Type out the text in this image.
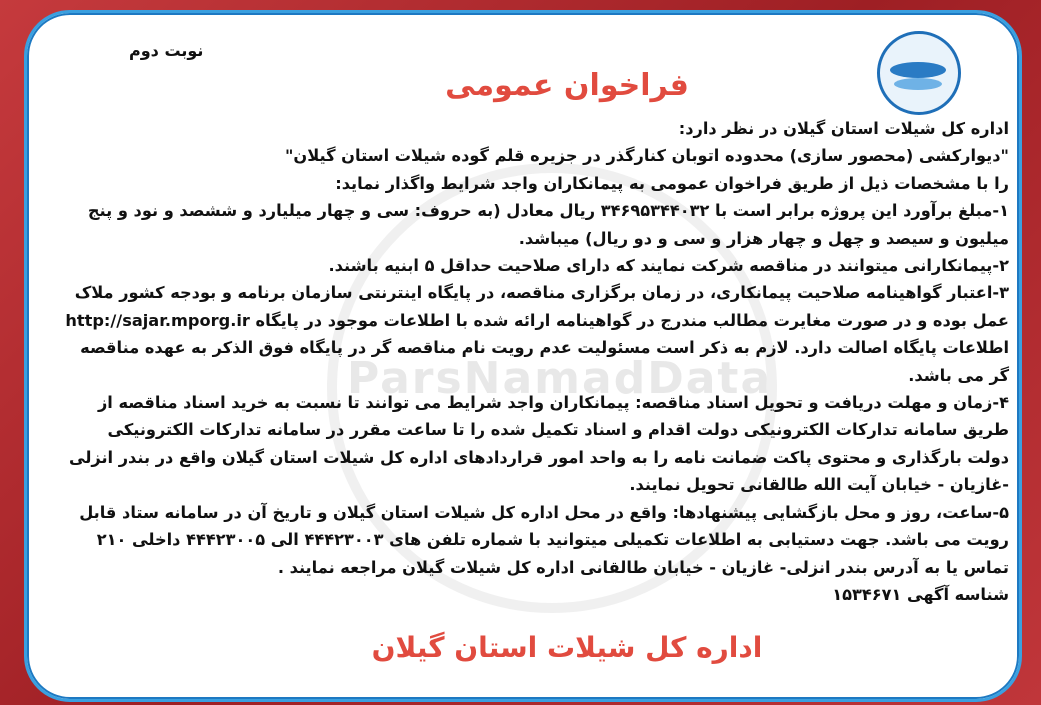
ParsNamadData
نوبت دوم
فراخوان عمومی

اداره کل شیلات استان گیلان در نظر دارد:

"دیوارکشی (محصور سازی) محدوده اتوبان کنارگذر در جزیره قلم گوده شیلات استان گیلان"

را با مشخصات ذیل از طریق فراخوان عمومی به پیمانکاران واجد شرایط واگذار نماید:

۱-مبلغ برآورد این پروژه برابر است با ۳۴۶۹۵۳۴۴۰۳۲ ریال معادل (به حروف: سی و چهار میلیارد و ششصد و نود و پنج میلیون و سیصد و چهل و چهار هزار و سی و دو ریال) میباشد.

۲-پیمانکارانی میتوانند در مناقصه شرکت نمایند که دارای صلاحیت حداقل ۵ ابنیه باشند.

۳-اعتبار گواهینامه صلاحیت پیمانکاری، در زمان برگزاری مناقصه، در پایگاه اینترنتی سازمان برنامه و بودجه کشور ملاک عمل بوده و در صورت مغایرت مطالب مندرج در گواهینامه ارائه شده با اطلاعات موجود در پایگاه http://sajar.mporg.ir اطلاعات پایگاه اصالت دارد. لازم به ذکر است مسئولیت عدم رویت نام مناقصه گر در پایگاه فوق الذکر به عهده مناقصه گر می باشد.

۴-زمان و مهلت دریافت و تحویل اسناد مناقصه: پیمانکاران واجد شرایط می توانند تا نسبت به خرید اسناد مناقصه از طریق سامانه تدارکات الکترونیکی دولت اقدام و اسناد تکمیل شده را تا ساعت مقرر در سامانه تدارکات الکترونیکی دولت بارگذاری و محتوی پاکت ضمانت نامه را به واحد امور قراردادهای اداره کل شیلات استان گیلان واقع در بندر انزلی -غازیان - خیابان آیت الله طالقانی تحویل نمایند.

۵-ساعت، روز و محل بازگشایی پیشنهادها: واقع در محل اداره کل شیلات استان گیلان و تاریخ آن در سامانه ستاد قابل رویت می باشد. جهت دستیابی به اطلاعات تکمیلی میتوانید با شماره تلفن های ۴۴۴۲۳۰۰۳ الی ۴۴۴۲۳۰۰۵ داخلی ۲۱۰ تماس یا به آدرس بندر انزلی- غازیان - خیابان طالقانی اداره کل شیلات گیلان مراجعه نمایند .

شناسه آگهی ۱۵۳۴۶۷۱

اداره کل شیلات استان گیلان
